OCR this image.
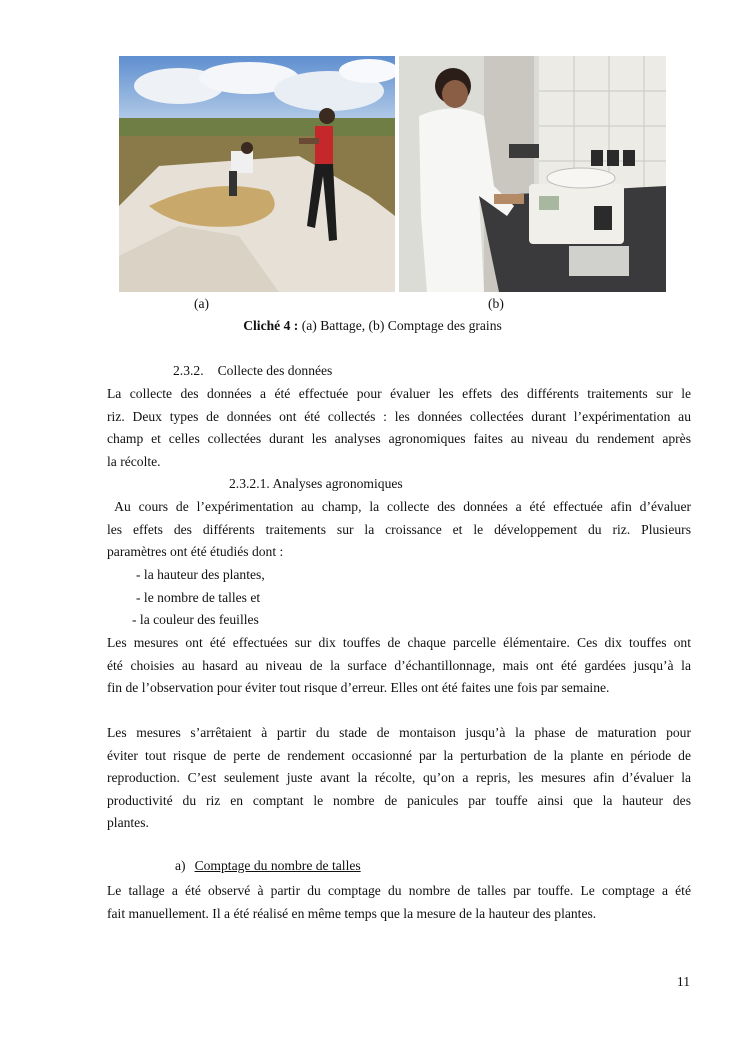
(a)	(b)
Cliché 4 : (a) Battage, (b) Comptage des grains
2.3.2. Collecte des données
La collecte des données a été effectuée pour évaluer les effets des différents traitements sur le
riz. Deux types de données ont été collectés : les données collectées durant l’expérimentation au
champ et celles collectées durant les analyses agronomiques faites au niveau du rendement après
la récolte.
2.3.2.1. Analyses agronomiques
Au cours de l’expérimentation au champ, la collecte des données a été effectuée afin d’évaluer
les effets des différents traitements sur la croissance et le développement du riz. Plusieurs
paramètres ont été étudiés dont :
- la hauteur des plantes,
- le nombre de talles et
- la couleur des feuilles
Les mesures ont été effectuées sur dix touffes de chaque parcelle élémentaire. Ces dix touffes ont
été choisies au hasard au niveau de la surface d’échantillonnage, mais ont été gardées jusqu’à la
fin de l’observation pour éviter tout risque d’erreur. Elles ont été faites une fois par semaine.
Les mesures s’arrêtaient à partir du stade de montaison jusqu’à la phase de maturation pour
éviter tout risque de perte de rendement occasionné par la perturbation de la plante en période de
reproduction. C’est seulement juste avant la récolte, qu’on a repris, les mesures afin d’évaluer la
productivité du riz en comptant le nombre de panicules par touffe ainsi que la hauteur des
plantes.
a) Comptage du nombre de talles
Le tallage a été observé à partir du comptage du nombre de talles par touffe. Le comptage a été
fait manuellement. Il a été réalisé en même temps que la mesure de la hauteur des plantes.
11
